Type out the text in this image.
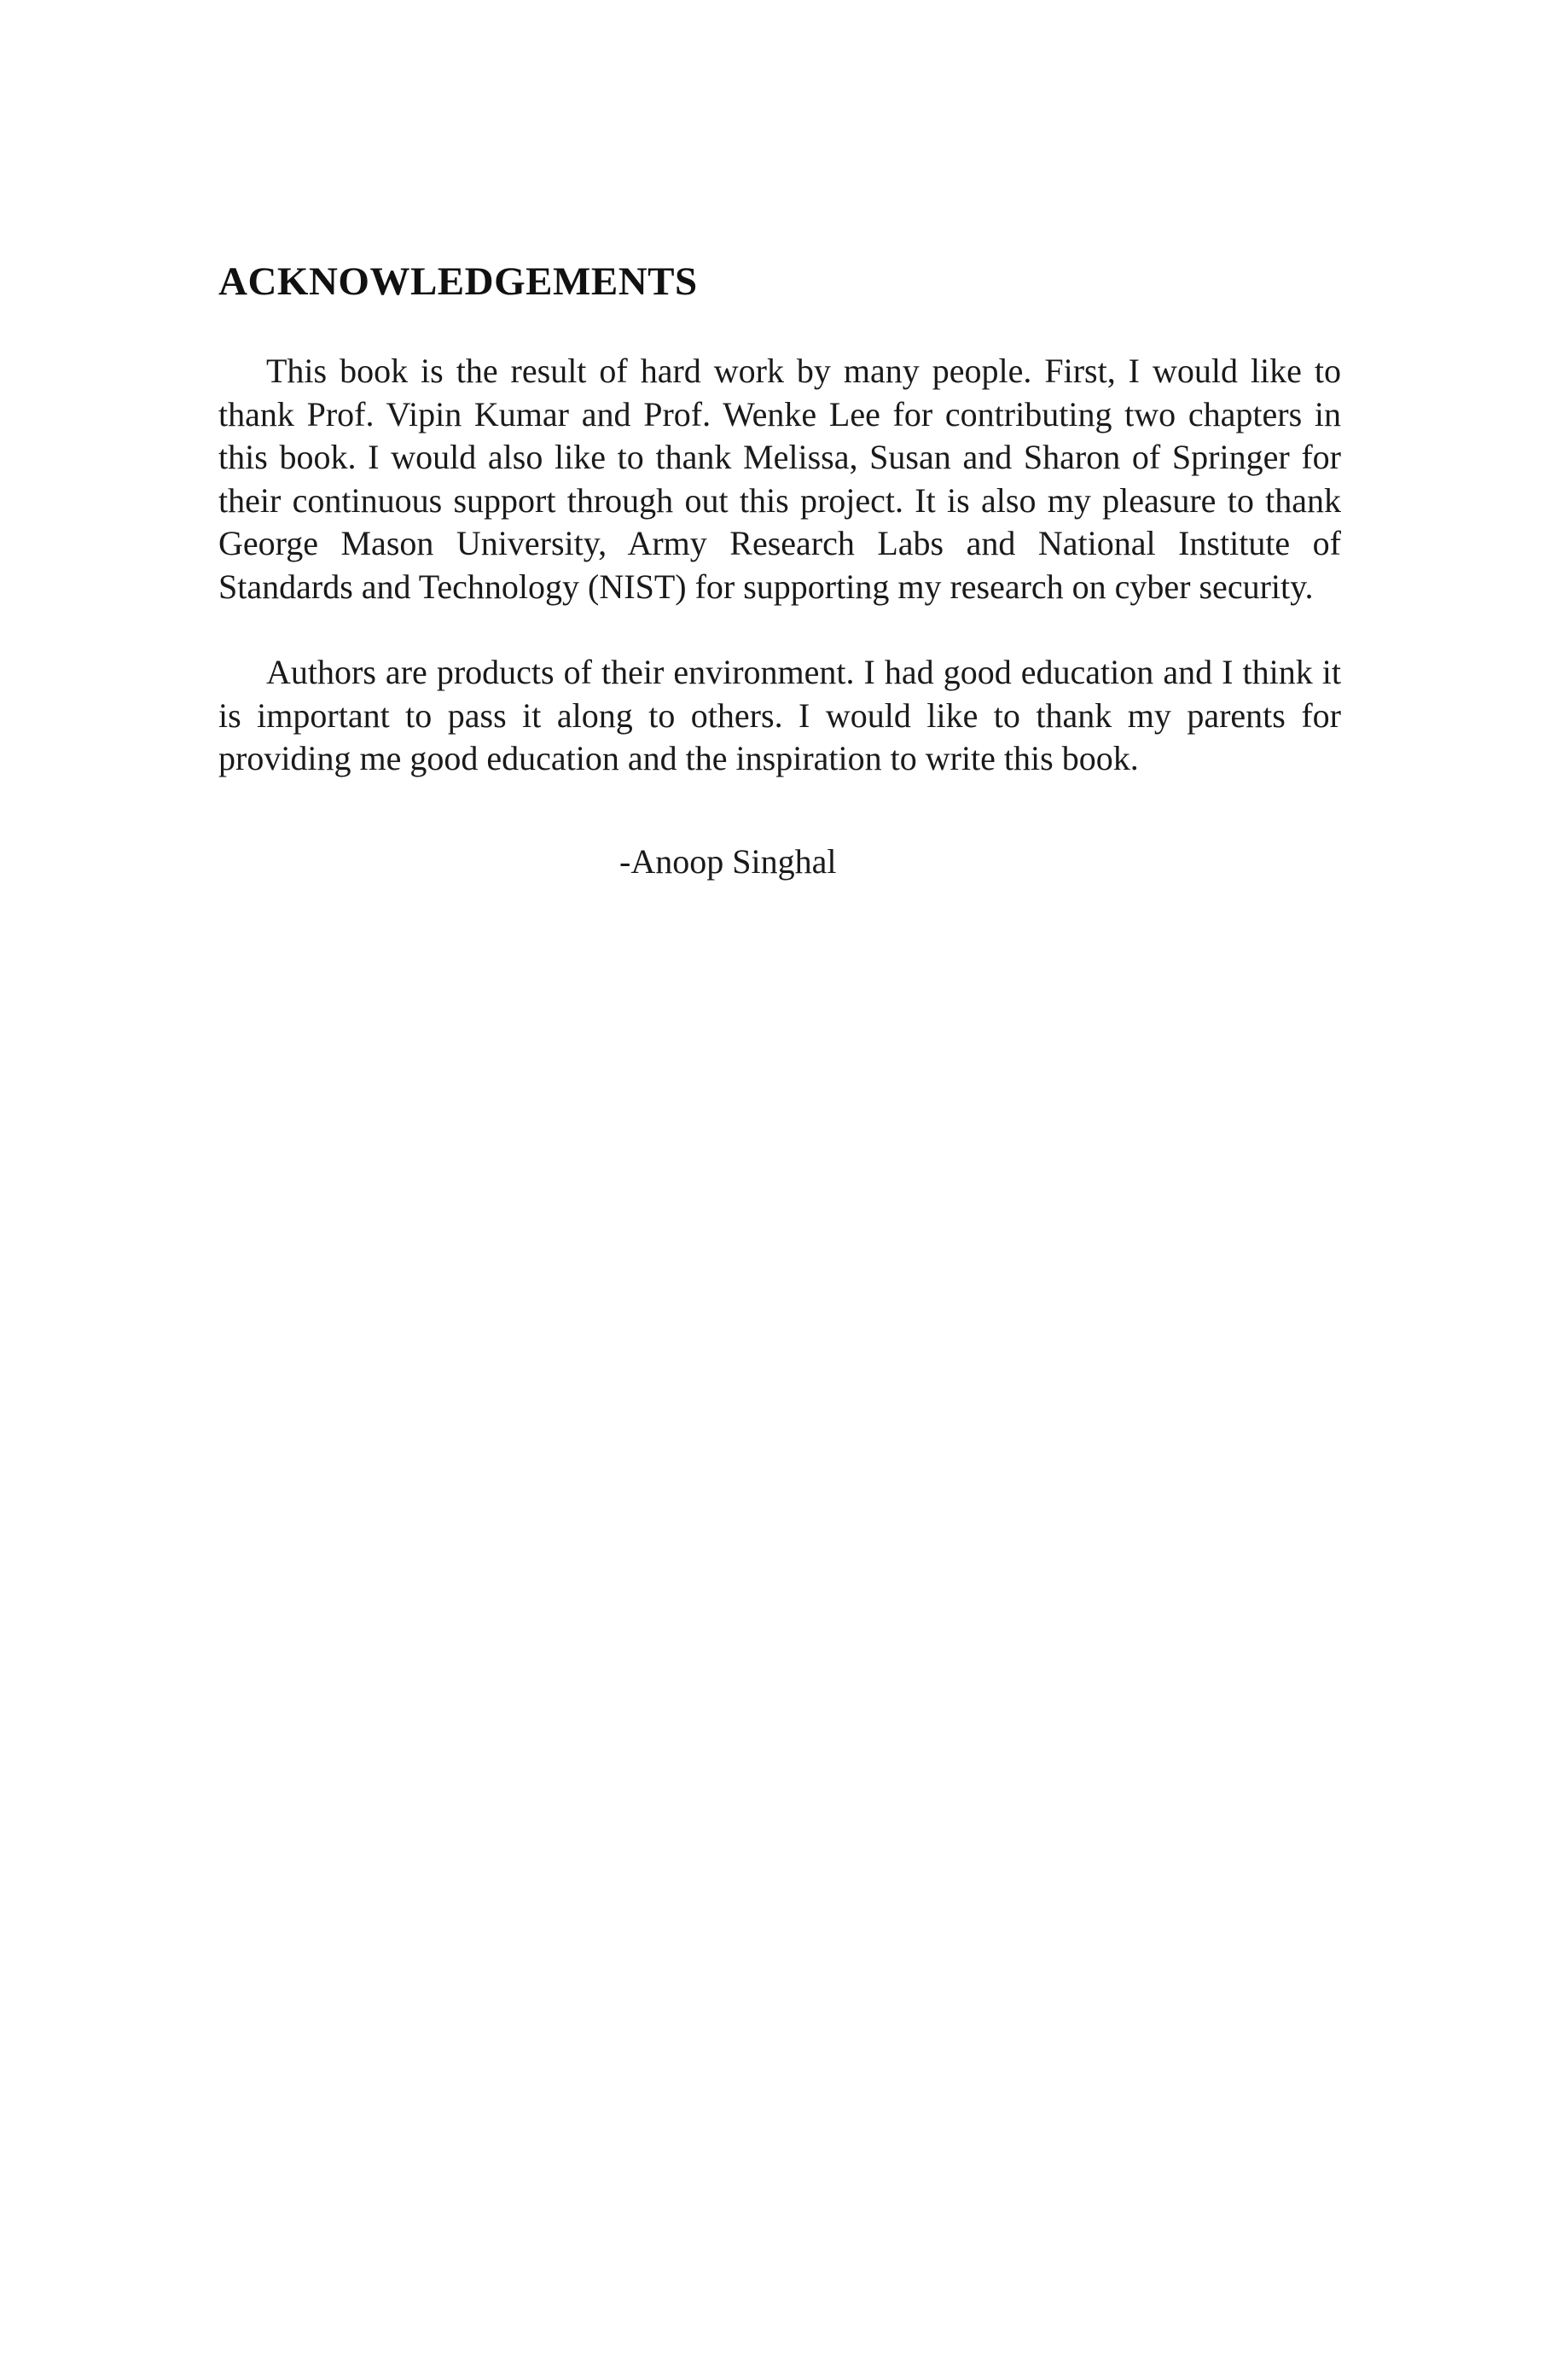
ACKNOWLEDGEMENTS

This book is the result of hard work by many people. First, I would like to thank Prof. Vipin Kumar and Prof. Wenke Lee for contributing two chapters in this book. I would also like to thank Melissa, Susan and Sharon of Springer for their continuous support through out this project. It is also my pleasure to thank George Mason University, Army Research Labs and National Institute of Standards and Technology (NIST) for supporting my research on cyber security.

Authors are products of their environment. I had good education and I think it is important to pass it along to others. I would like to thank my parents for providing me good education and the inspiration to write this book.

-Anoop Singhal
